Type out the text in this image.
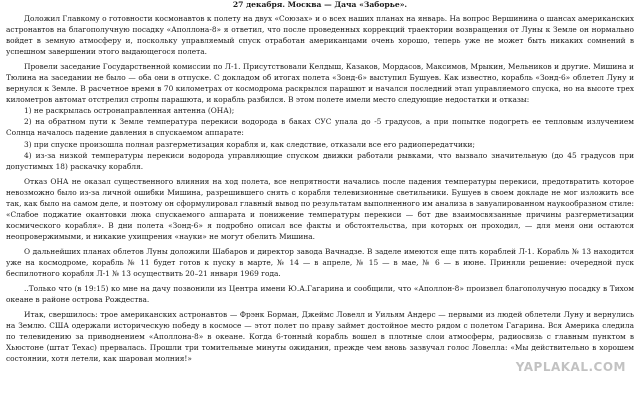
27 декабря. Москва — Дача «Заборье».

Доложил Главкому о готовности космонавтов к полету на двух «Союзах» и о всех наших планах на январь. На вопрос Вершинина о шансах американских астронавтов на благополучную посадку «Аполлона-8» я ответил, что после проведенных коррекций траектории возвращения от Луны к Земле он нормально войдет в земную атмосферу и, поскольку управляемый спуск отработан американцами очень хорошо, теперь уже не может быть никаких сомнений в успешном завершении этого выдающегося полета.

Провели заседание Государственной комиссии по Л-1. Присутствовали Келдыш, Казаков, Мордасов, Максимов, Мрыкин, Мельников и другие. Мишина и Тюлина на заседании не было — оба они в отпуске. С докладом об итогах полета «Зонд-6» выступил Бушуев. Как известно, корабль «Зонд-6» облетел Луну и вернулся к Земле. В расчетное время в 70 километрах от космодрома раскрылся парашют и начался последний этап управляемого спуска, но на высоте трех километров автомат отстрелил стропы парашюта, и корабль разбился. В этом полете имели место следующие недостатки и отказы:

1) не раскрылась остронаправленная антенна (ОНА);

2) на обратном пути к Земле температура перекиси водорода в баках СУС упала до -5 градусов, а при попытке подогреть ее тепловым излучением Солнца началось падение давления в спускаемом аппарате:

3) при спуске произошла полная разгерметизация корабля и, как следствие, отказали все его радиопередатчики;

4) из-за низкой температуры перекиси водорода управляющие спуском движки работали рывками, что вызвало значительную (до 45 градусов при допустимых 18) раскачку корабля.

Отказ ОНА не оказал существенного влияния на ход полета, все непрятности начались после падения температуры перекиси, предотвратить которое невозможно было из-за личной ошибки Мишина, разрешившего снять с корабля телевизионные светильники. Бушуев в своем докладе не мог изложить все так, как было на самом деле, и поэтому он сформулировал главный вывод по результатам выполненного им анализа в завуалированном наукообразном стиле: «Слабое поджатие окантовки люка спускаемого аппарата и понижение температуры перекиси — бот две взаимосвязанные причины разгерметизации космического корабля». В дни полета «Зонд-6» я подробно описал все факты и обстоятельства, при которых он проходил, — для меня они остаются неопровержимыми, и никакие ухищрения «науки» не могут обелить Мишина.

О дальнейших планах облетов Луны доложили Шабаров и директор завода Вачнадзе. В заделе имеются еще пять кораблей Л-1. Корабль № 13 находится уже на космодроме, корабль № 11 будет готов к пуску в марте, № 14 — в апреле, № 15 — в мае, № 6 — в июне. Приняли решение: очередной пуск беспилотного корабля Л-1 № 13 осуществить 20–21 января 1969 года.

..Только что (в 19:15) ко мне на дачу позвонили из Центра имени Ю.А.Гагарина и сообщили, что «Аполлон-8» произвел благополучную посадку в Тихом океане в районе острова Рождества.

Итак, свершилось: трое американских астронавтов — Фрэнк Борман, Джеймс Ловелл и Уильям Андерс — первыми из людей облетели Луну и вернулись на Землю. США одержали историческую победу в космосе — этот полет по праву займет достойное место рядом с полетом Гагарина. Вся Америка следила по телевидению за приводнением «Аполлона-8» в океане. Когда 6-тонный корабль вошел в плотные слои атмосферы, радиосвязь с главным пунктом в Хьюстоне (штат Техас) прервалась. Прошли три томительные минуты ожидания, прежде чем вновь зазвучал голос Ловелла: «Мы действительно в хорошем состоянии, хотя летели, как шаровая молния!»

YAPLAKAL.COM
